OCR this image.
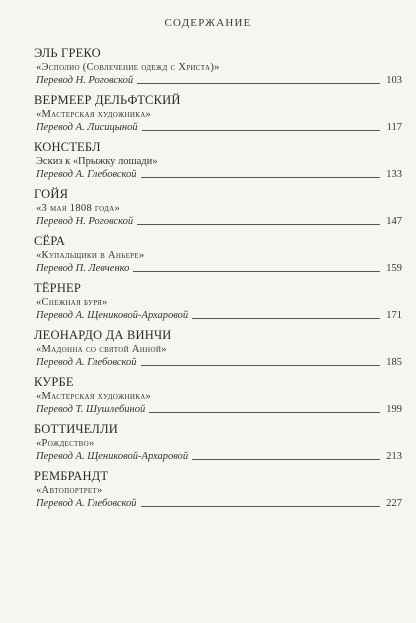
СОДЕРЖАНИЕ
ЭЛЬ ГРЕКО
«Эсполио (Совлечение одежд с Христа)»
Перевод Н. Роговской	103
ВЕРМЕЕР ДЕЛЬФТСКИЙ
«Мастерская художника»
Перевод А. Лисицыной	117
КОНСТЕБЛ
Эскиз к «Прыжку лошади»
Перевод А. Глебовской	133
ГОЙЯ
«3 мая 1808 года»
Перевод Н. Роговской	147
СЁРА
«Купальщики в Аньере»
Перевод П. Левченко	159
ТЁРНЕР
«Снежная буря»
Перевод А. Щениковой-Архаровой	171
ЛЕОНАРДО ДА ВИНЧИ
«Мадонна со святой Анной»
Перевод А. Глебовской	185
КУРБЕ
«Мастерская художника»
Перевод Т. Шушлебиной	199
БОТТИЧЕЛЛИ
«Рождество»
Перевод А. Щениковой-Архаровой	213
РЕМБРАНДТ
«Автопортрет»
Перевод А. Глебовской	227
